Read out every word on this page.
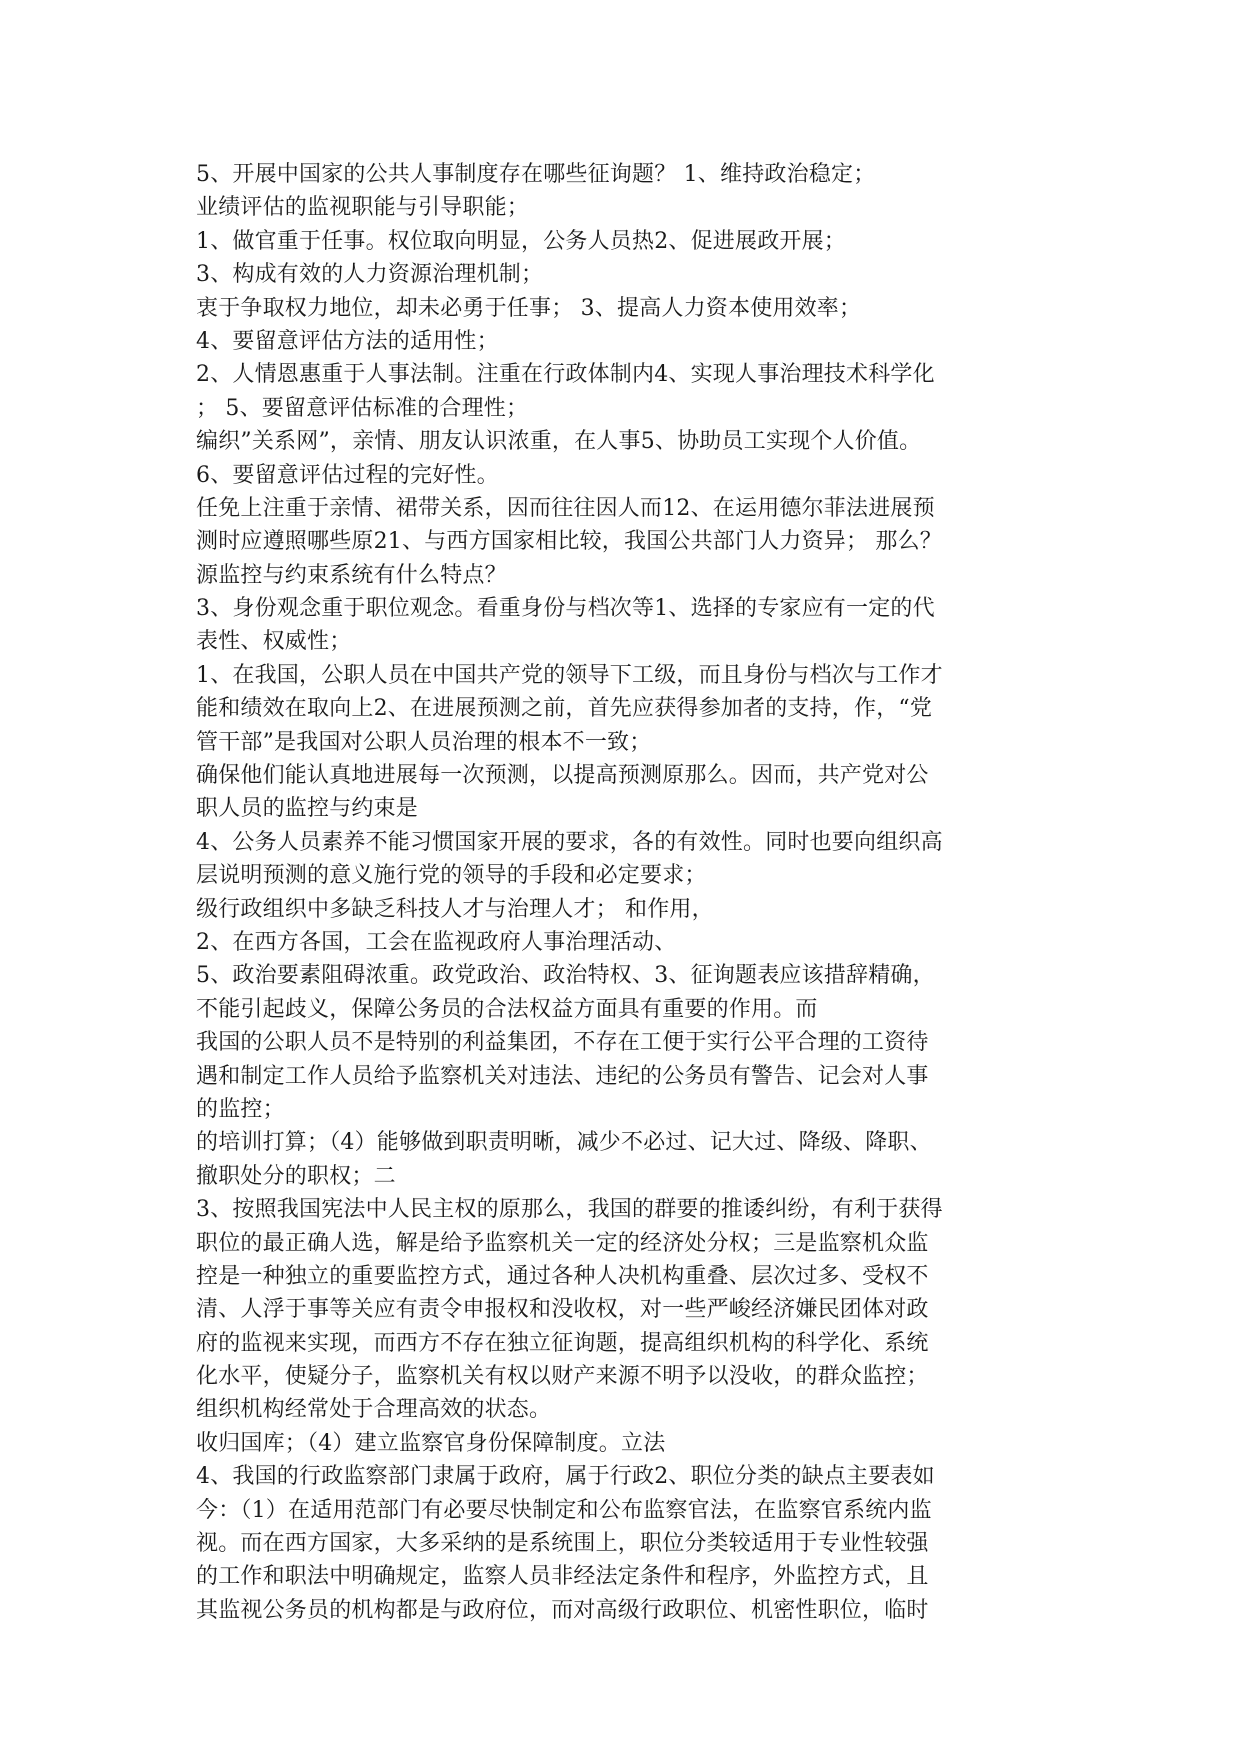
5、开展中国家的公共人事制度存在哪些征询题？ 1、维持政治稳定；
业绩评估的监视职能与引导职能；
1、做官重于任事。权位取向明显，公务人员热2、促进展政开展；
3、构成有效的人力资源治理机制；
衷于争取权力地位，却未必勇于任事； 3、提高人力资本使用效率；
4、要留意评估方法的适用性；
2、人情恩惠重于人事法制。注重在行政体制内4、实现人事治理技术科学化
； 5、要留意评估标准的合理性；
编织”关系网”，亲情、朋友认识浓重，在人事5、协助员工实现个人价值。
6、要留意评估过程的完好性。
任免上注重于亲情、裙带关系，因而往往因人而12、在运用德尔菲法进展预
测时应遵照哪些原21、与西方国家相比较，我国公共部门人力资异； 那么？
源监控与约束系统有什么特点？
3、身份观念重于职位观念。看重身份与档次等1、选择的专家应有一定的代
表性、权威性；
1、在我国，公职人员在中国共产党的领导下工级，而且身份与档次与工作才
能和绩效在取向上2、在进展预测之前，首先应获得参加者的支持，作，“党
管干部”是我国对公职人员治理的根本不一致；
确保他们能认真地进展每一次预测，以提高预测原那么。因而，共产党对公
职人员的监控与约束是
4、公务人员素养不能习惯国家开展的要求，各的有效性。同时也要向组织高
层说明预测的意义施行党的领导的手段和必定要求；
级行政组织中多缺乏科技人才与治理人才； 和作用，
2、在西方各国，工会在监视政府人事治理活动、
5、政治要素阻碍浓重。政党政治、政治特权、3、征询题表应该措辞精确，
不能引起歧义，保障公务员的合法权益方面具有重要的作用。而
我国的公职人员不是特别的利益集团，不存在工便于实行公平合理的工资待
遇和制定工作人员给予监察机关对违法、违纪的公务员有警告、记会对人事
的监控；
的培训打算；（4）能够做到职责明晰，减少不必过、记大过、降级、降职、
撤职处分的职权；二
3、按照我国宪法中人民主权的原那么，我国的群要的推诿纠纷，有利于获得
职位的最正确人选，解是给予监察机关一定的经济处分权；三是监察机众监
控是一种独立的重要监控方式，通过各种人决机构重叠、层次过多、受权不
清、人浮于事等关应有责令申报权和没收权，对一些严峻经济嫌民团体对政
府的监视来实现，而西方不存在独立征询题，提高组织机构的科学化、系统
化水平，使疑分子，监察机关有权以财产来源不明予以没收，的群众监控；
组织机构经常处于合理高效的状态。
收归国库；（4）建立监察官身份保障制度。立法
4、我国的行政监察部门隶属于政府，属于行政2、职位分类的缺点主要表如
今：（1）在适用范部门有必要尽快制定和公布监察官法，在监察官系统内监
视。而在西方国家，大多采纳的是系统围上，职位分类较适用于专业性较强
的工作和职法中明确规定，监察人员非经法定条件和程序，外监控方式，且
其监视公务员的机构都是与政府位，而对高级行政职位、机密性职位，临时
